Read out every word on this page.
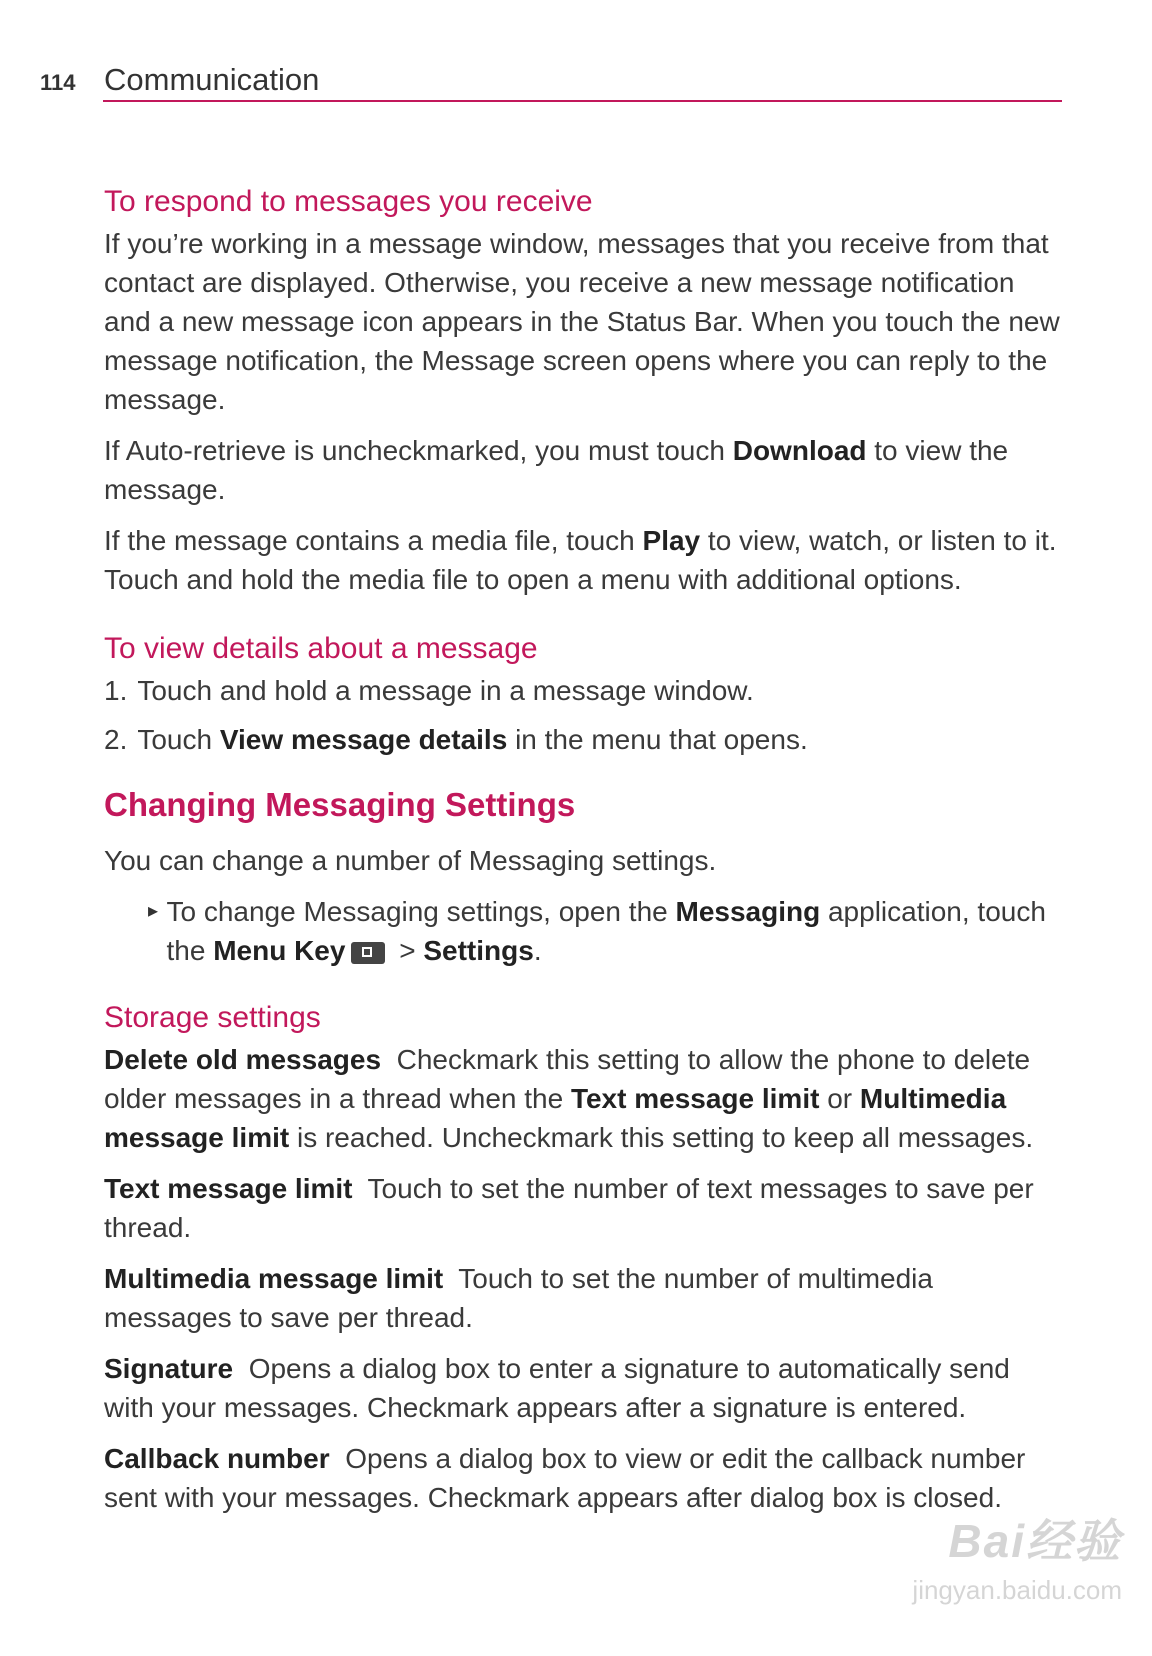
114 Communication
To respond to messages you receive

If you’re working in a message window, messages that you receive from that contact are displayed. Otherwise, you receive a new message notification and a new message icon appears in the Status Bar. When you touch the new message notification, the Message screen opens where you can reply to the message.

If Auto-retrieve is uncheckmarked, you must touch Download to view the message.

If the message contains a media file, touch Play to view, watch, or listen to it. Touch and hold the media file to open a menu with additional options.

To view details about a message

1. Touch and hold a message in a message window.

2. Touch View message details in the menu that opens.

Changing Messaging Settings

You can change a number of Messaging settings.

▸ To change Messaging settings, open the Messaging application, touch the Menu Key > Settings.

Storage settings

Delete old messages Checkmark this setting to allow the phone to delete older messages in a thread when the Text message limit or Multimedia message limit is reached. Uncheckmark this setting to keep all messages.

Text message limit Touch to set the number of text messages to save per thread.

Multimedia message limit Touch to set the number of multimedia messages to save per thread.

Signature Opens a dialog box to enter a signature to automatically send with your messages. Checkmark appears after a signature is entered.

Callback number Opens a dialog box to view or edit the callback number sent with your messages. Checkmark appears after dialog box is closed.

Bai经验
jingyan.baidu.com
